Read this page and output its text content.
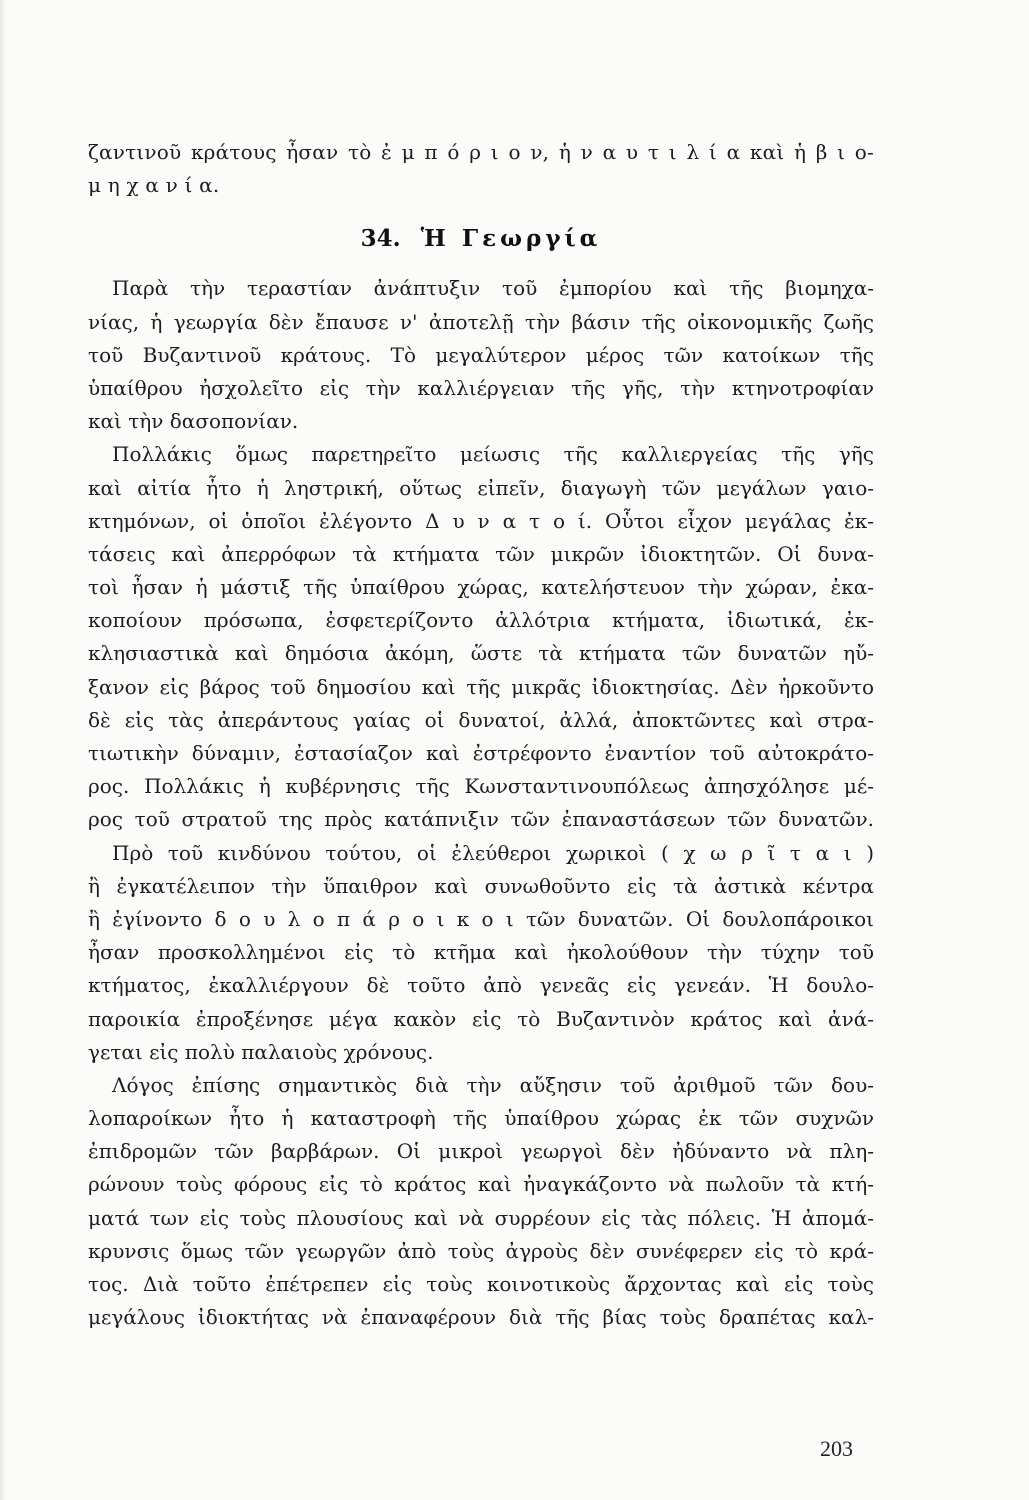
ζαντινοῦ κράτους ἦσαν τὸ ἐ μ π ό ρ ι ο ν, ἡ ν α υ τ ι λ ί α καὶ ἡ β ι ο-
μ η χ α ν ί α.
34. Ἡ Γεωργία
Παρὰ τὴν τεραστίαν ἀνάπτυξιν τοῦ ἐμπορίου καὶ τῆς βιομηχα-
νίας, ἡ γεωργία δὲν ἔπαυσε ν' ἀποτελῇ τὴν βάσιν τῆς οἰκονομικῆς ζωῆς
τοῦ Βυζαντινοῦ κράτους. Τὸ μεγαλύτερον μέρος τῶν κατοίκων τῆς
ὑπαίθρου ἠσχολεῖτο εἰς τὴν καλλιέργειαν τῆς γῆς, τὴν κτηνοτροφίαν
καὶ τὴν δασοπονίαν.
Πολλάκις ὅμως παρετηρεῖτο μείωσις τῆς καλλιεργείας τῆς γῆς
καὶ αἰτία ἦτο ἡ ληστρική, οὕτως εἰπεῖν, διαγωγὴ τῶν μεγάλων γαιο-
κτημόνων, οἱ ὁποῖοι ἐλέγοντο Δ υ ν α τ ο ί. Οὗτοι εἶχον μεγάλας ἐκ-
τάσεις καὶ ἀπερρόφων τὰ κτήματα τῶν μικρῶν ἰδιοκτητῶν. Οἱ δυνα-
τοὶ ἦσαν ἡ μάστιξ τῆς ὑπαίθρου χώρας, κατελήστευον τὴν χώραν, ἐκα-
κοποίουν πρόσωπα, ἐσφετερίζοντο ἀλλότρια κτήματα, ἰδιωτικά, ἐκ-
κλησιαστικὰ καὶ δημόσια ἀκόμη, ὥστε τὰ κτήματα τῶν δυνατῶν ηὔ-
ξανον εἰς βάρος τοῦ δημοσίου καὶ τῆς μικρᾶς ἰδιοκτησίας. Δὲν ἠρκοῦντο
δὲ εἰς τὰς ἀπεράντους γαίας οἱ δυνατοί, ἀλλά, ἀποκτῶντες καὶ στρα-
τιωτικὴν δύναμιν, ἐστασίαζον καὶ ἐστρέφοντο ἐναντίον τοῦ αὐτοκράτο-
ρος. Πολλάκις ἡ κυβέρνησις τῆς Κωνσταντινουπόλεως ἀπησχόλησε μέ-
ρος τοῦ στρατοῦ της πρὸς κατάπνιξιν τῶν ἐπαναστάσεων τῶν δυνατῶν.
Πρὸ τοῦ κινδύνου τούτου, οἱ ἐλεύθεροι χωρικοὶ ( χ ω ρ ῖ τ α ι )
ἢ ἐγκατέλειπον τὴν ὕπαιθρον καὶ συνωθοῦντο εἰς τὰ ἀστικὰ κέντρα
ἢ ἐγίνοντο δ ο υ λ ο π ά ρ ο ι κ ο ι τῶν δυνατῶν. Οἱ δουλοπάροικοι
ἦσαν προσκολλημένοι εἰς τὸ κτῆμα καὶ ἠκολούθουν τὴν τύχην τοῦ
κτήματος, ἐκαλλιέργουν δὲ τοῦτο ἀπὸ γενεᾶς εἰς γενεάν. Ἡ δουλο-
παροικία ἐπροξένησε μέγα κακὸν εἰς τὸ Βυζαντινὸν κράτος καὶ ἀνά-
γεται εἰς πολὺ παλαιοὺς χρόνους.
Λόγος ἐπίσης σημαντικὸς διὰ τὴν αὔξησιν τοῦ ἀριθμοῦ τῶν δου-
λοπαροίκων ἦτο ἡ καταστροφὴ τῆς ὑπαίθρου χώρας ἐκ τῶν συχνῶν
ἐπιδρομῶν τῶν βαρβάρων. Οἱ μικροὶ γεωργοὶ δὲν ἠδύναντο νὰ πλη-
ρώνουν τοὺς φόρους εἰς τὸ κράτος καὶ ἠναγκάζοντο νὰ πωλοῦν τὰ κτή-
ματά των εἰς τοὺς πλουσίους καὶ νὰ συρρέουν εἰς τὰς πόλεις. Ἡ ἀπομά-
κρυνσις ὅμως τῶν γεωργῶν ἀπὸ τοὺς ἀγροὺς δὲν συνέφερεν εἰς τὸ κρά-
τος. Διὰ τοῦτο ἐπέτρεπεν εἰς τοὺς κοινοτικοὺς ἄρχοντας καὶ εἰς τοὺς
μεγάλους ἰδιοκτήτας νὰ ἐπαναφέρουν διὰ τῆς βίας τοὺς δραπέτας καλ-
203
